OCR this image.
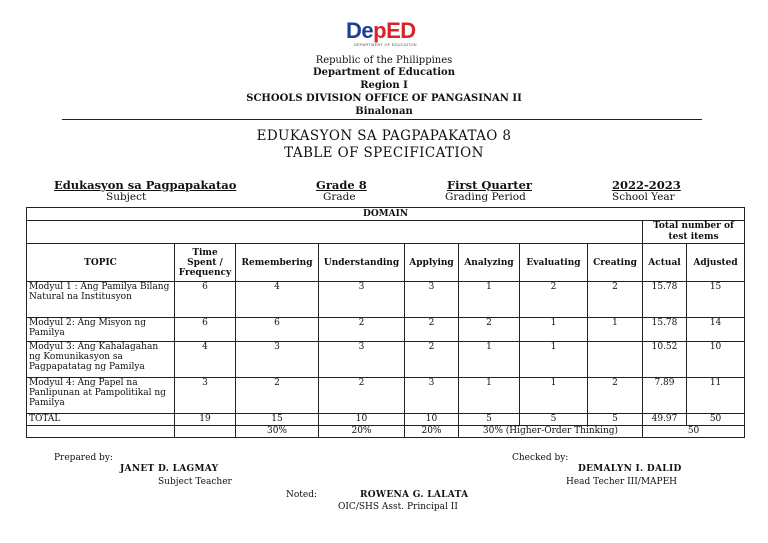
DepED
DEPARTMENT OF EDUCATION
Republic of the Philippines
Department of Education
Region I
SCHOOLS DIVISION OFFICE OF PANGASINAN II
Binalonan
EDUKASYON SA PAGPAPAKATAO 8
TABLE OF SPECIFICATION
Edukasyon sa Pagpapakatao
Subject
Grade 8
Grade
First Quarter
Grading Period
2022-2023
School Year
DOMAIN									
								Total number of test items	
TOPIC	Time Spent / Frequency	Remembering	Understanding	Applying	Analyzing	Evaluating	Creating	Actual	Adjusted
Modyul 1 : Ang Pamilya Bilang Natural na Institusyon	6	4	3	3	1	2	2	15.78	15
Modyul 2: Ang Misyon ng Pamilya	6	6	2	2	2	1	1	15.78	14
Modyul 3: Ang Kahalagahan ng Komunikasyon sa Pagpapatatag ng Pamilya	4	3	3	2	1	1		10.52	10
Modyul 4: Ang Papel na Panlipunan at Pampolitikal ng Pamilya	3	2	2	3	1	1	2	7.89	11
TOTAL	19	15	10	10	5	5	5	49.97	50
		30%	20%	20%	30% (Higher-Order Thinking)			50	
Prepared by:
JANET D. LAGMAY
Subject Teacher
Checked by:
DEMALYN I. DALID
Head Techer III/MAPEH
Noted:	ROWENA G. LALATA
OIC/SHS Asst. Principal II
